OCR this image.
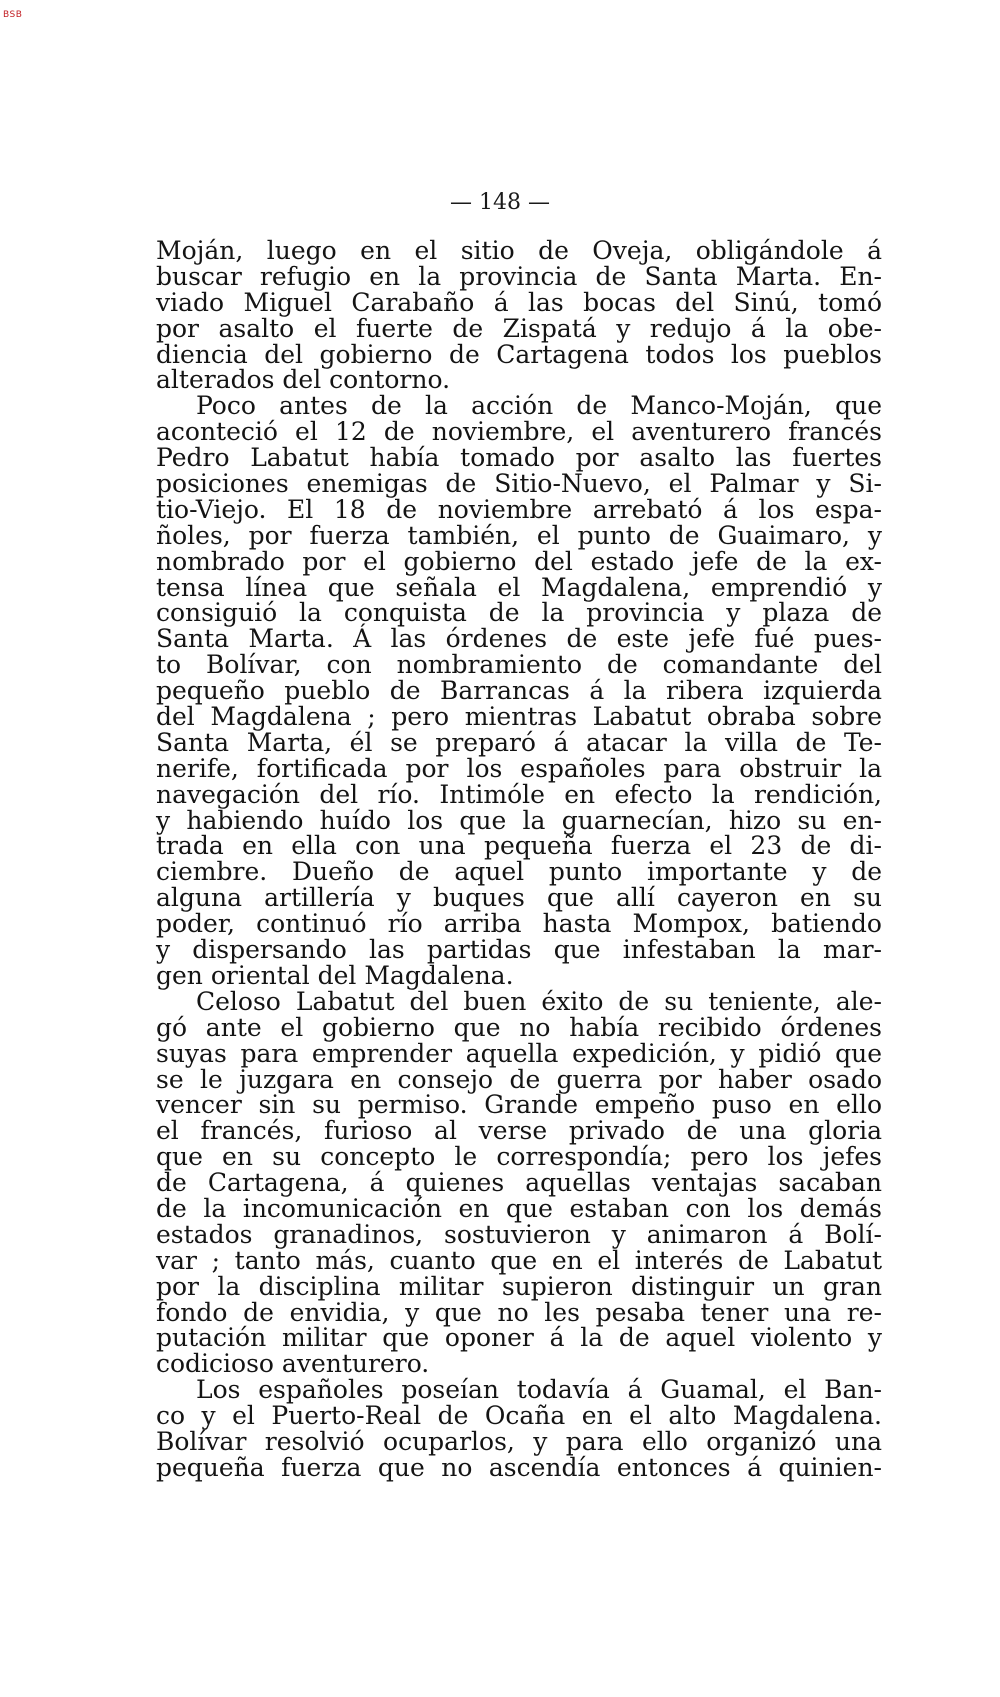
BSB
— 148 —
Moján, luego en el sitio de Oveja, obligándole á
buscar refugio en la provincia de Santa Marta. En-
viado Miguel Carabaño á las bocas del Sinú, tomó
por asalto el fuerte de Zispatá y redujo á la obe-
diencia del gobierno de Cartagena todos los pueblos
alterados del contorno.
Poco antes de la acción de Manco-Moján, que
aconteció el 12 de noviembre, el aventurero francés
Pedro Labatut había tomado por asalto las fuertes
posiciones enemigas de Sitio-Nuevo, el Palmar y Si-
tio-Viejo. El 18 de noviembre arrebató á los espa-
ñoles, por fuerza también, el punto de Guaimaro, y
nombrado por el gobierno del estado jefe de la ex-
tensa línea que señala el Magdalena, emprendió y
consiguió la conquista de la provincia y plaza de
Santa Marta. Á las órdenes de este jefe fué pues-
to Bolívar, con nombramiento de comandante del
pequeño pueblo de Barrancas á la ribera izquierda
del Magdalena ; pero mientras Labatut obraba sobre
Santa Marta, él se preparó á atacar la villa de Te-
nerife, fortificada por los españoles para obstruir la
navegación del río. Intimóle en efecto la rendición,
y habiendo huído los que la guarnecían, hizo su en-
trada en ella con una pequeña fuerza el 23 de di-
ciembre. Dueño de aquel punto importante y de
alguna artillería y buques que allí cayeron en su
poder, continuó río arriba hasta Mompox, batiendo
y dispersando las partidas que infestaban la mar-
gen oriental del Magdalena.
Celoso Labatut del buen éxito de su teniente, ale-
gó ante el gobierno que no había recibido órdenes
suyas para emprender aquella expedición, y pidió que
se le juzgara en consejo de guerra por haber osado
vencer sin su permiso. Grande empeño puso en ello
el francés, furioso al verse privado de una gloria
que en su concepto le correspondía; pero los jefes
de Cartagena, á quienes aquellas ventajas sacaban
de la incomunicación en que estaban con los demás
estados granadinos, sostuvieron y animaron á Bolí-
var ; tanto más, cuanto que en el interés de Labatut
por la disciplina militar supieron distinguir un gran
fondo de envidia, y que no les pesaba tener una re-
putación militar que oponer á la de aquel violento y
codicioso aventurero.
Los españoles poseían todavía á Guamal, el Ban-
co y el Puerto-Real de Ocaña en el alto Magdalena.
Bolívar resolvió ocuparlos, y para ello organizó una
pequeña fuerza que no ascendía entonces á quinien-
